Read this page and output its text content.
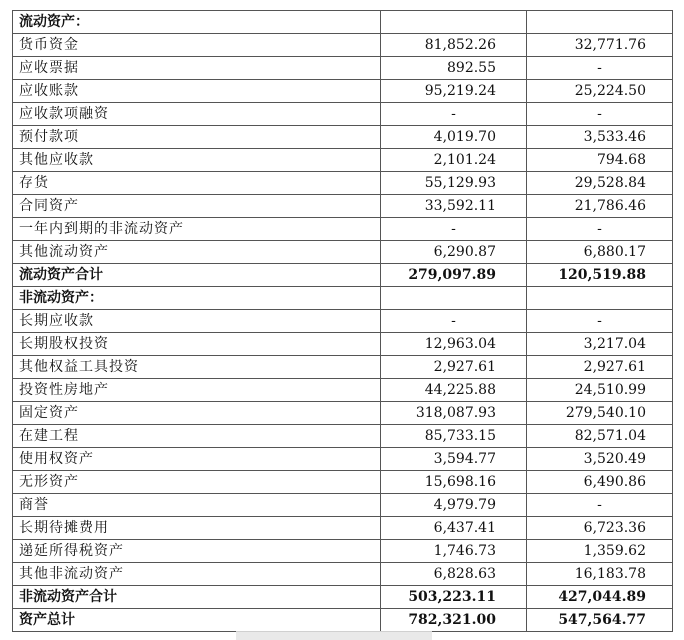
流动资产：		
货币资金	81,852.26	32,771.76
应收票据	892.55	-
应收账款	95,219.24	25,224.50
应收款项融资	-	-
预付款项	4,019.70	3,533.46
其他应收款	2,101.24	794.68
存货	55,129.93	29,528.84
合同资产	33,592.11	21,786.46
一年内到期的非流动资产	-	-
其他流动资产	6,290.87	6,880.17
流动资产合计	279,097.89	120,519.88
非流动资产：		
长期应收款	-	-
长期股权投资	12,963.04	3,217.04
其他权益工具投资	2,927.61	2,927.61
投资性房地产	44,225.88	24,510.99
固定资产	318,087.93	279,540.10
在建工程	85,733.15	82,571.04
使用权资产	3,594.77	3,520.49
无形资产	15,698.16	6,490.86
商誉	4,979.79	-
长期待摊费用	6,437.41	6,723.36
递延所得税资产	1,746.73	1,359.62
其他非流动资产	6,828.63	16,183.78
非流动资产合计	503,223.11	427,044.89
资产总计	782,321.00	547,564.77
